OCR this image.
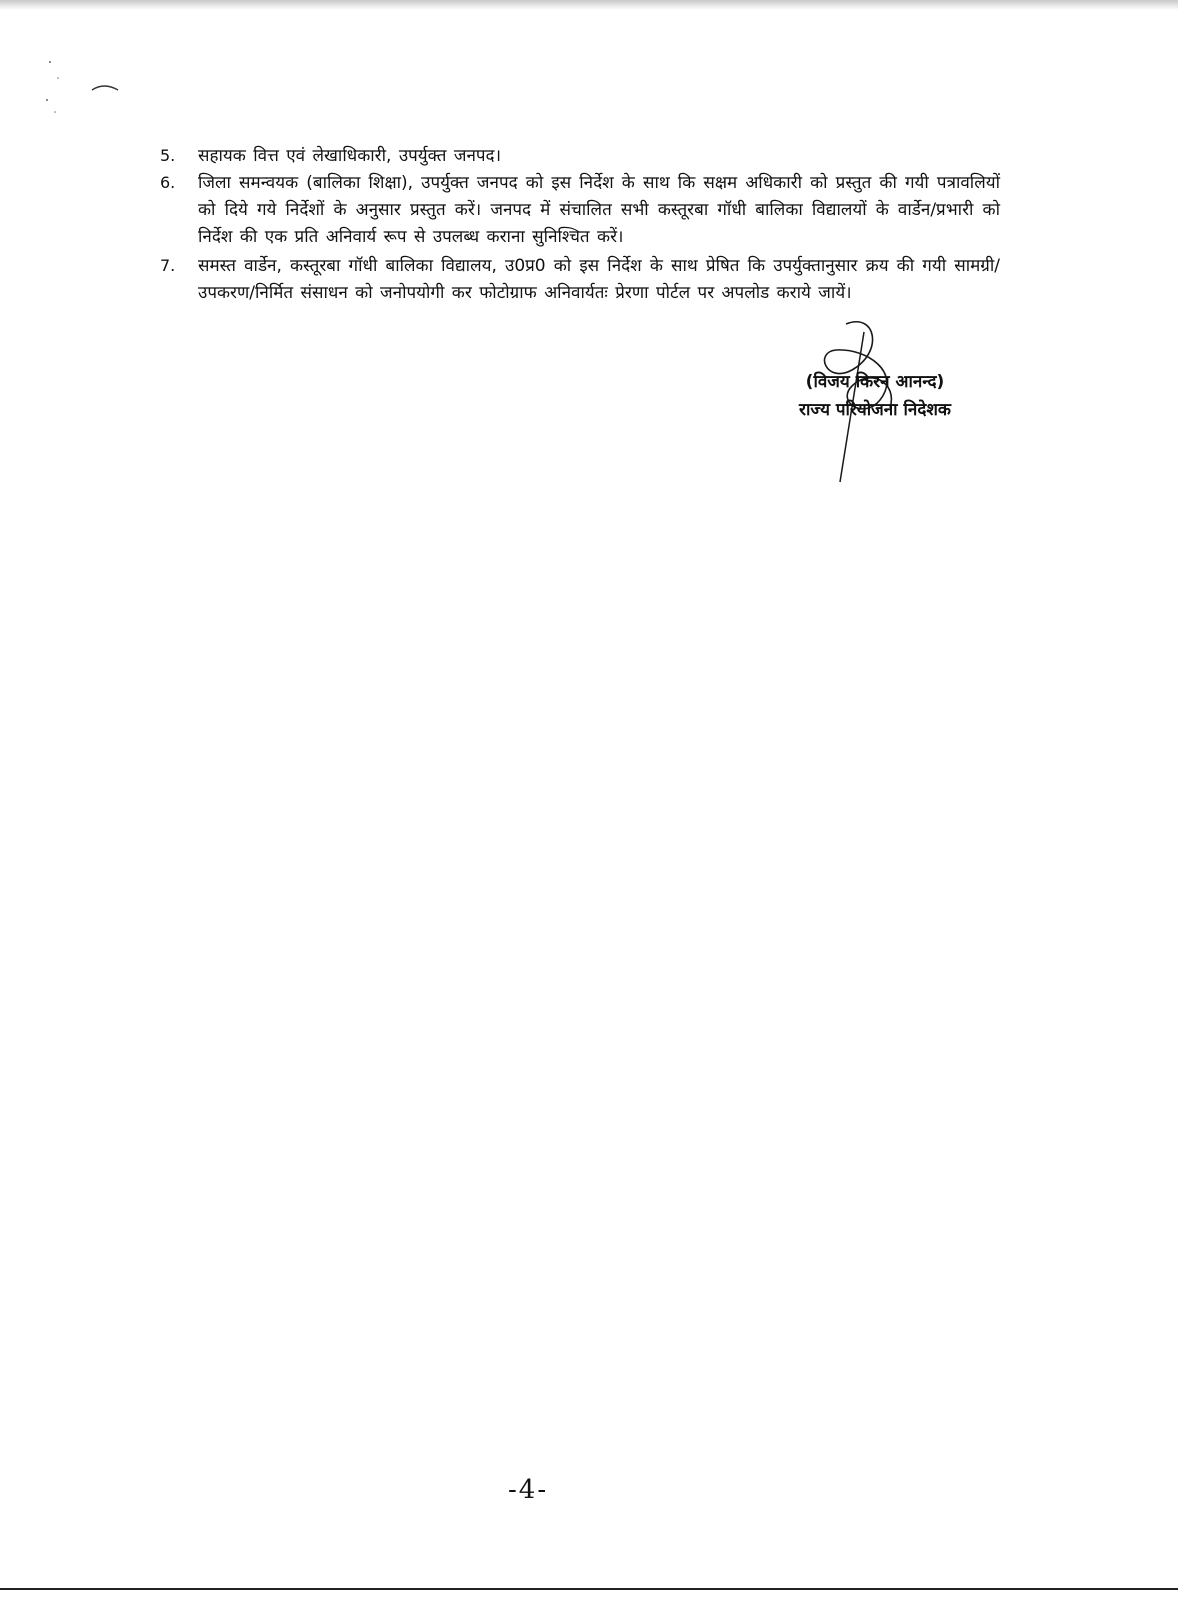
5. सहायक वित्त एवं लेखाधिकारी, उपर्युक्त जनपद।
6. जिला समन्वयक (बालिका शिक्षा), उपर्युक्त जनपद को इस निर्देश के साथ कि सक्षम अधिकारी को प्रस्तुत की गयी पत्रावलियों को दिये गये निर्देशों के अनुसार प्रस्तुत करें। जनपद में संचालित सभी कस्तूरबा गॉधी बालिका विद्यालयों के वार्डेन/प्रभारी को निर्देश की एक प्रति अनिवार्य रूप से उपलब्ध कराना सुनिश्चित करें।
7. समस्त वार्डेन, कस्तूरबा गॉधी बालिका विद्यालय, उ0प्र0 को इस निर्देश के साथ प्रेषित कि उपर्युक्तानुसार क्रय की गयी सामग्री/उपकरण/निर्मित संसाधन को जनोपयोगी कर फोटोग्राफ अनिवार्यतः प्रेरणा पोर्टल पर अपलोड कराये जायें।
(विजय किरन आनन्द)
राज्य परियोजना निदेशक
-4-
